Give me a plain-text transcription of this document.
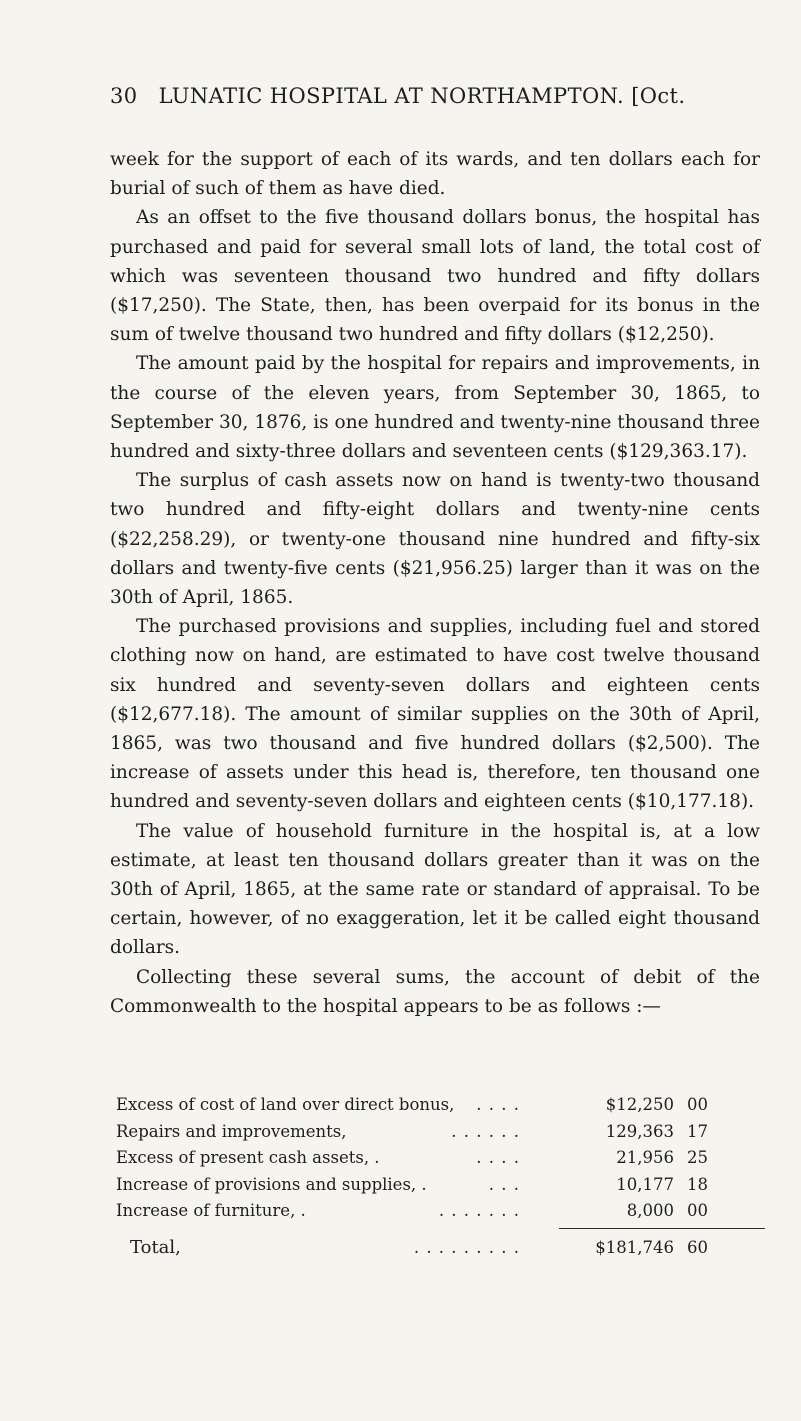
30 LUNATIC HOSPITAL AT NORTHAMPTON. [Oct.

week for the support of each of its wards, and ten dollars each for burial of such of them as have died.

As an offset to the five thousand dollars bonus, the hospital has purchased and paid for several small lots of land, the total cost of which was seventeen thousand two hundred and fifty dollars ($17,250). The State, then, has been overpaid for its bonus in the sum of twelve thousand two hundred and fifty dollars ($12,250).

The amount paid by the hospital for repairs and improvements, in the course of the eleven years, from September 30, 1865, to September 30, 1876, is one hundred and twenty-nine thousand three hundred and sixty-three dollars and seventeen cents ($129,363.17).

The surplus of cash assets now on hand is twenty-two thousand two hundred and fifty-eight dollars and twenty-nine cents ($22,258.29), or twenty-one thousand nine hundred and fifty-six dollars and twenty-five cents ($21,956.25) larger than it was on the 30th of April, 1865.

The purchased provisions and supplies, including fuel and stored clothing now on hand, are estimated to have cost twelve thousand six hundred and seventy-seven dollars and eighteen cents ($12,677.18). The amount of similar supplies on the 30th of April, 1865, was two thousand and five hundred dollars ($2,500). The increase of assets under this head is, therefore, ten thousand one hundred and seventy-seven dollars and eighteen cents ($10,177.18).

The value of household furniture in the hospital is, at a low estimate, at least ten thousand dollars greater than it was on the 30th of April, 1865, at the same rate or standard of appraisal. To be certain, however, of no exaggeration, let it be called eight thousand dollars.

Collecting these several sums, the account of debit of the Commonwealth to the hospital appears to be as follows :—

Excess of cost of land over direct bonus, . . . .	$12,250 00
Repairs and improvements,	. . . . . .	129,363 17
Excess of present cash assets, .	. . . .	21,956 25
Increase of provisions and supplies, .	. . .	10,177 18
Increase of furniture, .	. . . . . . .	8,000 00
Total,	. . . . . . . . .	$181,746 60
